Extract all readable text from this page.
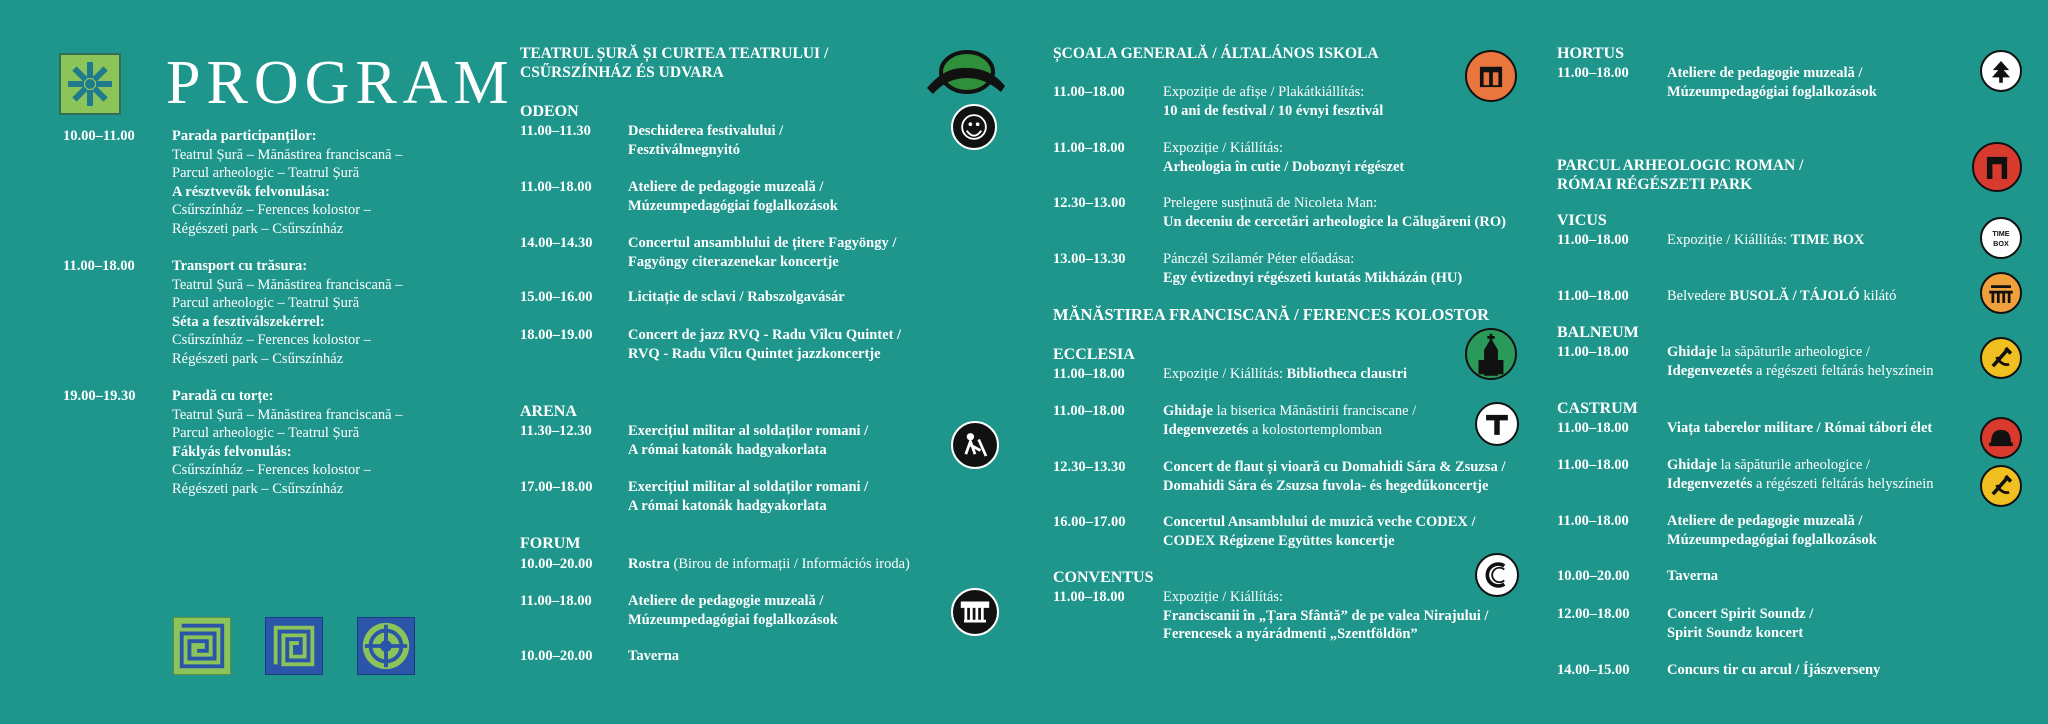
PROGRAM
10.00–11.00	Parada participanților:
Teatrul Șură – Mănăstirea franciscană –
Parcul arheologic – Teatrul Șură
A résztvevők felvonulása:
Csűrszínház – Ferences kolostor –
Régészeti park – Csűrszínház
11.00–18.00	Transport cu trăsura:
Teatrul Șură – Mănăstirea franciscană –
Parcul arheologic – Teatrul Șură
Séta a fesztiválszekérrel:
Csűrszínház – Ferences kolostor –
Régészeti park – Csűrszínház
19.00–19.30	Paradă cu torțe:
Teatrul Șură – Mănăstirea franciscană –
Parcul arheologic – Teatrul Șură
Fáklyás felvonulás:
Csűrszínház – Ferences kolostor –
Régészeti park – Csűrszínház
TEATRUL ȘURĂ ȘI CURTEA TEATRULUI /
CSŰRSZÍNHÁZ ÉS UDVARA
ODEON
11.00–11.30	Deschiderea festivalului /
Fesztiválmegnyitó
11.00–18.00	Ateliere de pedagogie muzeală /
Múzeumpedagógiai foglalkozások
14.00–14.30 Concertul ansamblului de țitere Fagyöngy /
Fagyöngy citerazenekar koncertje
15.00–16.00 Licitație de sclavi / Rabszolgavásár
18.00–19.00 Concert de jazz RVQ - Radu Vîlcu Quintet /
RVQ - Radu Vîlcu Quintet jazzkoncertje
ARENA
11.30–12.30	Exercițiul militar al soldaților romani /
A római katonák hadgyakorlata
17.00–18.00 Exercițiul militar al soldaților romani /
A római katonák hadgyakorlata
FORUM
10.00–20.00 Rostra (Birou de informații / Információs iroda)
11.00–18.00	Ateliere de pedagogie muzeală /
Múzeumpedagógiai foglalkozások
10.00–20.00 Taverna
ȘCOALA GENERALĂ / ÁLTALÁNOS ISKOLA
11.00–18.00	Expoziție de afișe / Plakátkiállítás:
10 ani de festival / 10 évnyi fesztivál
11.00–18.00	Expoziție / Kiállítás:
Arheologia în cutie / Doboznyi régészet
12.30–13.00	Prelegere susținută de Nicoleta Man:
Un deceniu de cercetări arheologice la Călugăreni (RO)
13.00–13.30	Pánczél Szilamér Péter előadása:
Egy évtizednyi régészeti kutatás Mikházán (HU)
MĂNĂSTIREA FRANCISCANĂ / FERENCES KOLOSTOR
ECCLESIA
11.00–18.00	Expoziție / Kiállítás: Bibliotheca claustri
11.00–18.00	Ghidaje la biserica Mănăstirii franciscane /
Idegenvezetés a kolostortemplomban
12.30–13.30	Concert de flaut și vioară cu Domahidi Sára & Zsuzsa /
Domahidi Sára és Zsuzsa fuvola- és hegedűkoncertje
16.00–17.00	Concertul Ansamblului de muzică veche CODEX /
CODEX Régizene Együttes koncertje
CONVENTUS
11.00–18.00	Expoziție / Kiállítás:
Franciscanii în „Țara Sfântă” de pe valea Nirajului /
Ferencesek a nyárádmenti „Szentföldön”
HORTUS
11.00–18.00	Ateliere de pedagogie muzeală /
Múzeumpedagógiai foglalkozások
PARCUL ARHEOLOGIC ROMAN /
RÓMAI RÉGÉSZETI PARK
VICUS
11.00–18.00	Expoziție / Kiállítás: TIME BOX
11.00–18.00	Belvedere BUSOLĂ / TÁJOLÓ kilátó
BALNEUM
11.00–18.00	Ghidaje la săpăturile arheologice /
Idegenvezetés a régészeti feltárás helyszínein
CASTRUM
11.00–18.00	Viața taberelor militare / Római tábori élet
11.00–18.00	Ghidaje la săpăturile arheologice /
Idegenvezetés a régészeti feltárás helyszínein
11.00–18.00	Ateliere de pedagogie muzeală /
Múzeumpedagógiai foglalkozások
10.00–20.00	Taverna
12.00–18.00	Concert Spirit Soundz /
Spirit Soundz koncert
14.00–15.00	Concurs tir cu arcul / Íjászverseny
TIME
BOX
